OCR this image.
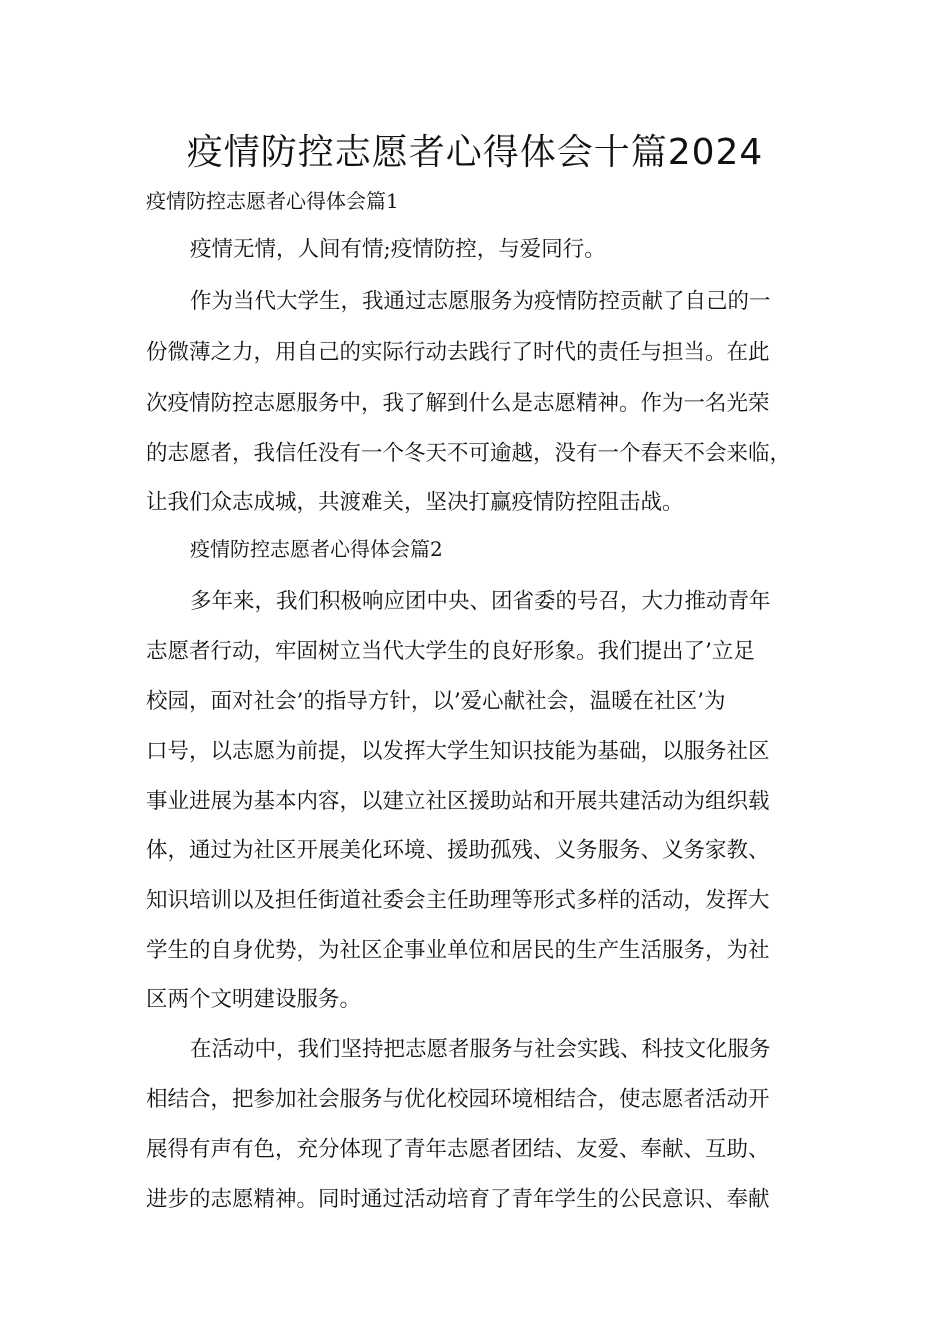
疫情防控志愿者心得体会十篇2024
疫情防控志愿者心得体会篇1
疫情无情，人间有情;疫情防控，与爱同行。
作为当代大学生，我通过志愿服务为疫情防控贡献了自己的一
份微薄之力，用自己的实际行动去践行了时代的责任与担当。在此
次疫情防控志愿服务中，我了解到什么是志愿精神。作为一名光荣
的志愿者，我信任没有一个冬天不可逾越，没有一个春天不会来临，
让我们众志成城，共渡难关，坚决打赢疫情防控阻击战。
疫情防控志愿者心得体会篇2
多年来，我们积极响应团中央、团省委的号召，大力推动青年
志愿者行动，牢固树立当代大学生的良好形象。我们提出了’立足
校园，面对社会’的指导方针，以’爱心献社会，温暖在社区’为
口号，以志愿为前提，以发挥大学生知识技能为基础，以服务社区
事业进展为基本内容，以建立社区援助站和开展共建活动为组织载
体，通过为社区开展美化环境、援助孤残、义务服务、义务家教、
知识培训以及担任街道社委会主任助理等形式多样的活动，发挥大
学生的自身优势，为社区企事业单位和居民的生产生活服务，为社
区两个文明建设服务。
在活动中，我们坚持把志愿者服务与社会实践、科技文化服务
相结合，把参加社会服务与优化校园环境相结合，使志愿者活动开
展得有声有色，充分体现了青年志愿者团结、友爱、奉献、互助、
进步的志愿精神。同时通过活动培育了青年学生的公民意识、奉献
